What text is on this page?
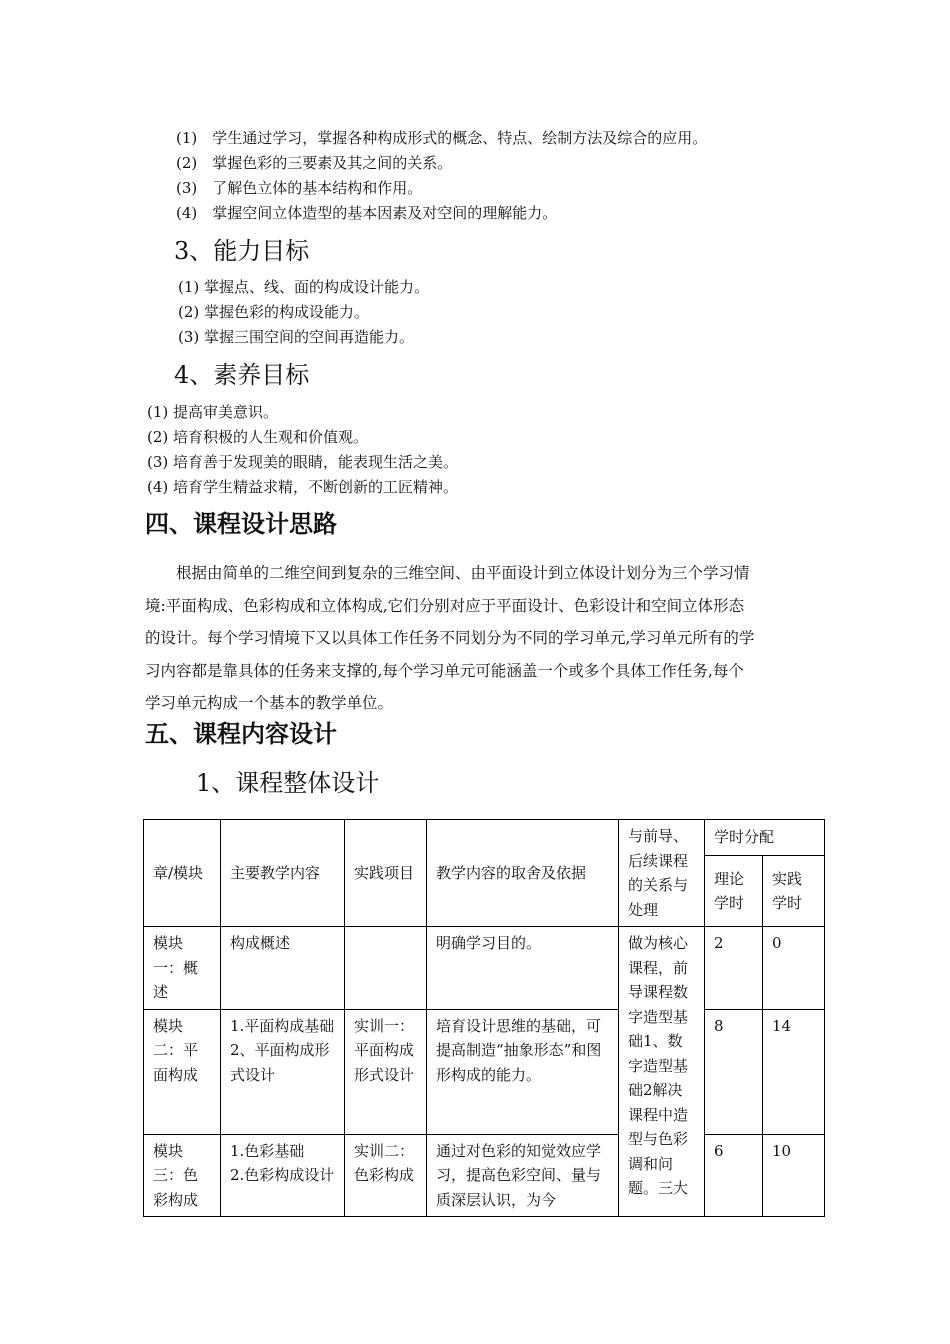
(1)　学生通过学习，掌握各种构成形式的概念、特点、绘制方法及综合的应用。
(2)　掌握色彩的三要素及其之间的关系。
(3)　了解色立体的基本结构和作用。
(4)　掌握空间立体造型的基本因素及对空间的理解能力。
3、能力目标
(1) 掌握点、线、面的构成设计能力。
(2) 掌握色彩的构成设能力。
(3) 掌握三围空间的空间再造能力。
4、素养目标
(1) 提高审美意识。
(2) 培育积极的人生观和价值观。
(3) 培育善于发现美的眼睛，能表现生活之美。
(4) 培育学生精益求精，不断创新的工匠精神。
四、课程设计思路
　　根据由简单的二维空间到复杂的三维空间、由平面设计到立体设计划分为三个学习情
境:平面构成、色彩构成和立体构成,它们分别对应于平面设计、色彩设计和空间立体形态
的设计。每个学习情境下又以具体工作任务不同划分为不同的学习单元,学习单元所有的学
习内容都是靠具体的任务来支撑的,每个学习单元可能涵盖一个或多个具体工作任务,每个
学习单元构成一个基本的教学单位。
五、课程内容设计
1、课程整体设计
章/模块	主要教学内容	实践项目	教学内容的取舍及依据	与前导、后续课程的关系与处理	学时分配	
					理论学时	实践学时
模块一：概述	构成概述		明确学习目的。	做为核心课程，前导课程数字造型基础1、数字造型基础2解决课程中造型与色彩调和问题。三大	2	0
模块二：平面构成	1.平面构成基础2、平面构成形式设计	实训一：平面构成形式设计	培育设计思维的基础，可提高制造“抽象形态”和图形构成的能力。		8	14
模块三：色彩构成	1.色彩基础
2.色彩构成设计	实训二：色彩构成	通过对色彩的知觉效应学习，提高色彩空间、量与质深层认识，为今		6	10
